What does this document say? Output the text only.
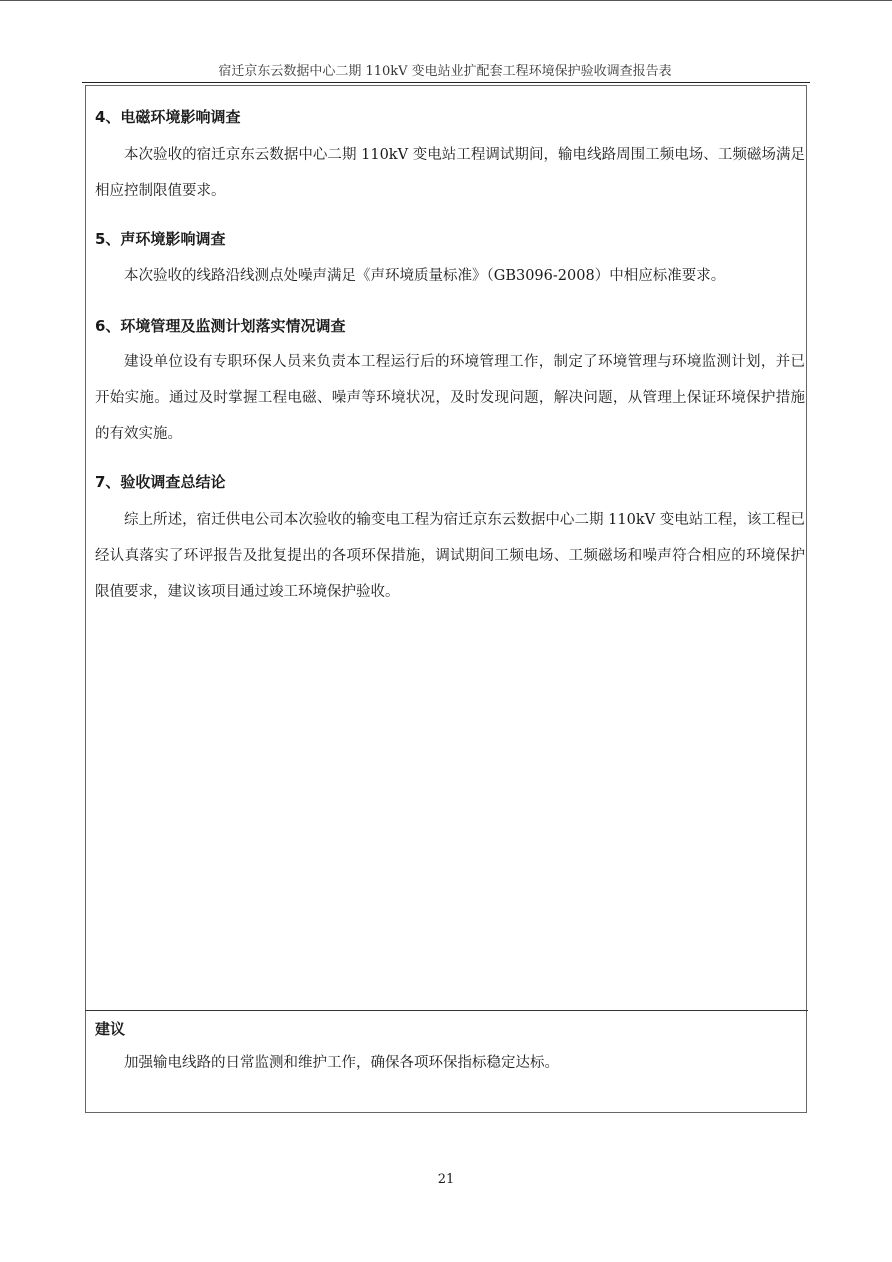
宿迁京东云数据中心二期 110kV 变电站业扩配套工程环境保护验收调查报告表
4、电磁环境影响调查

本次验收的宿迁京东云数据中心二期 110kV 变电站工程调试期间，输电线路周围工频电场、工频磁场满足相应控制限值要求。

5、声环境影响调查

本次验收的线路沿线测点处噪声满足《声环境质量标准》（GB3096-2008）中相应标准要求。

6、环境管理及监测计划落实情况调查

建设单位设有专职环保人员来负责本工程运行后的环境管理工作，制定了环境管理与环境监测计划，并已开始实施。通过及时掌握工程电磁、噪声等环境状况，及时发现问题，解决问题，从管理上保证环境保护措施的有效实施。

7、验收调查总结论

综上所述，宿迁供电公司本次验收的输变电工程为宿迁京东云数据中心二期 110kV 变电站工程，该工程已经认真落实了环评报告及批复提出的各项环保措施，调试期间工频电场、工频磁场和噪声符合相应的环境保护限值要求，建议该项目通过竣工环境保护验收。

建议

加强输电线路的日常监测和维护工作，确保各项环保指标稳定达标。

21
